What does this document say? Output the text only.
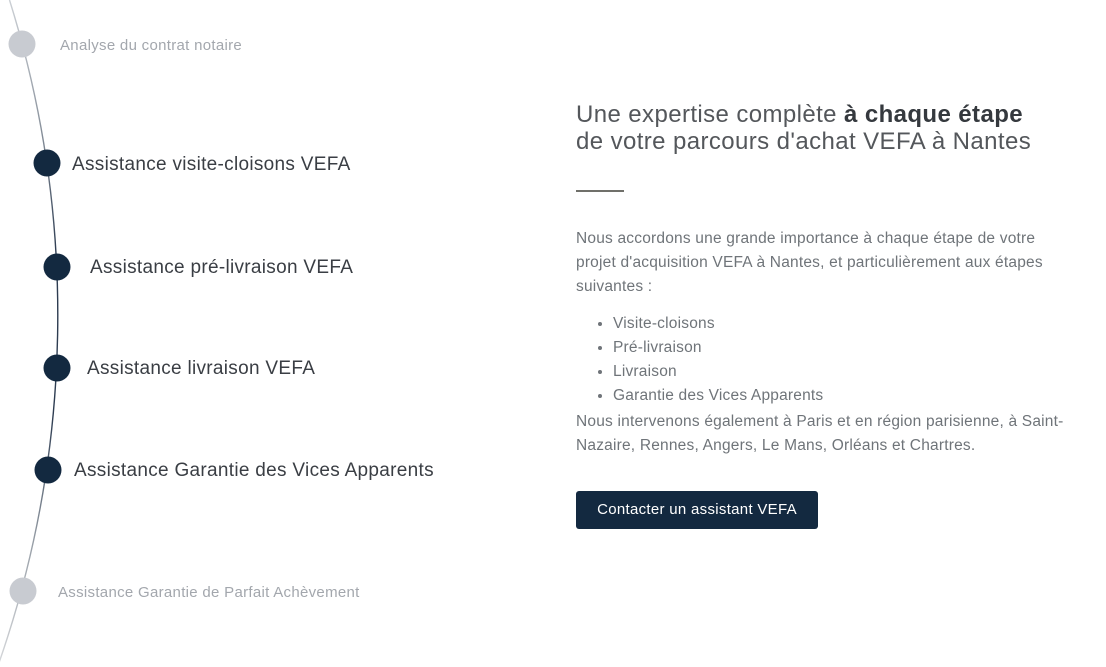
Analyse du contrat notaire
Assistance visite-cloisons VEFA
Assistance pré-livraison VEFA
Assistance livraison VEFA
Assistance Garantie des Vices Apparents
Assistance Garantie de Parfait Achèvement
Une expertise complète à chaque étape
de votre parcours d'achat VEFA à Nantes

Nous accordons une grande importance à chaque étape de votre projet d'acquisition VEFA à Nantes, et particulièrement aux étapes suivantes :

• Visite-cloisons
• Pré-livraison
• Livraison
• Garantie des Vices Apparents

Nous intervenons également à Paris et en région parisienne, à Saint-Nazaire, Rennes, Angers, Le Mans, Orléans et Chartres.

Contacter un assistant VEFA
